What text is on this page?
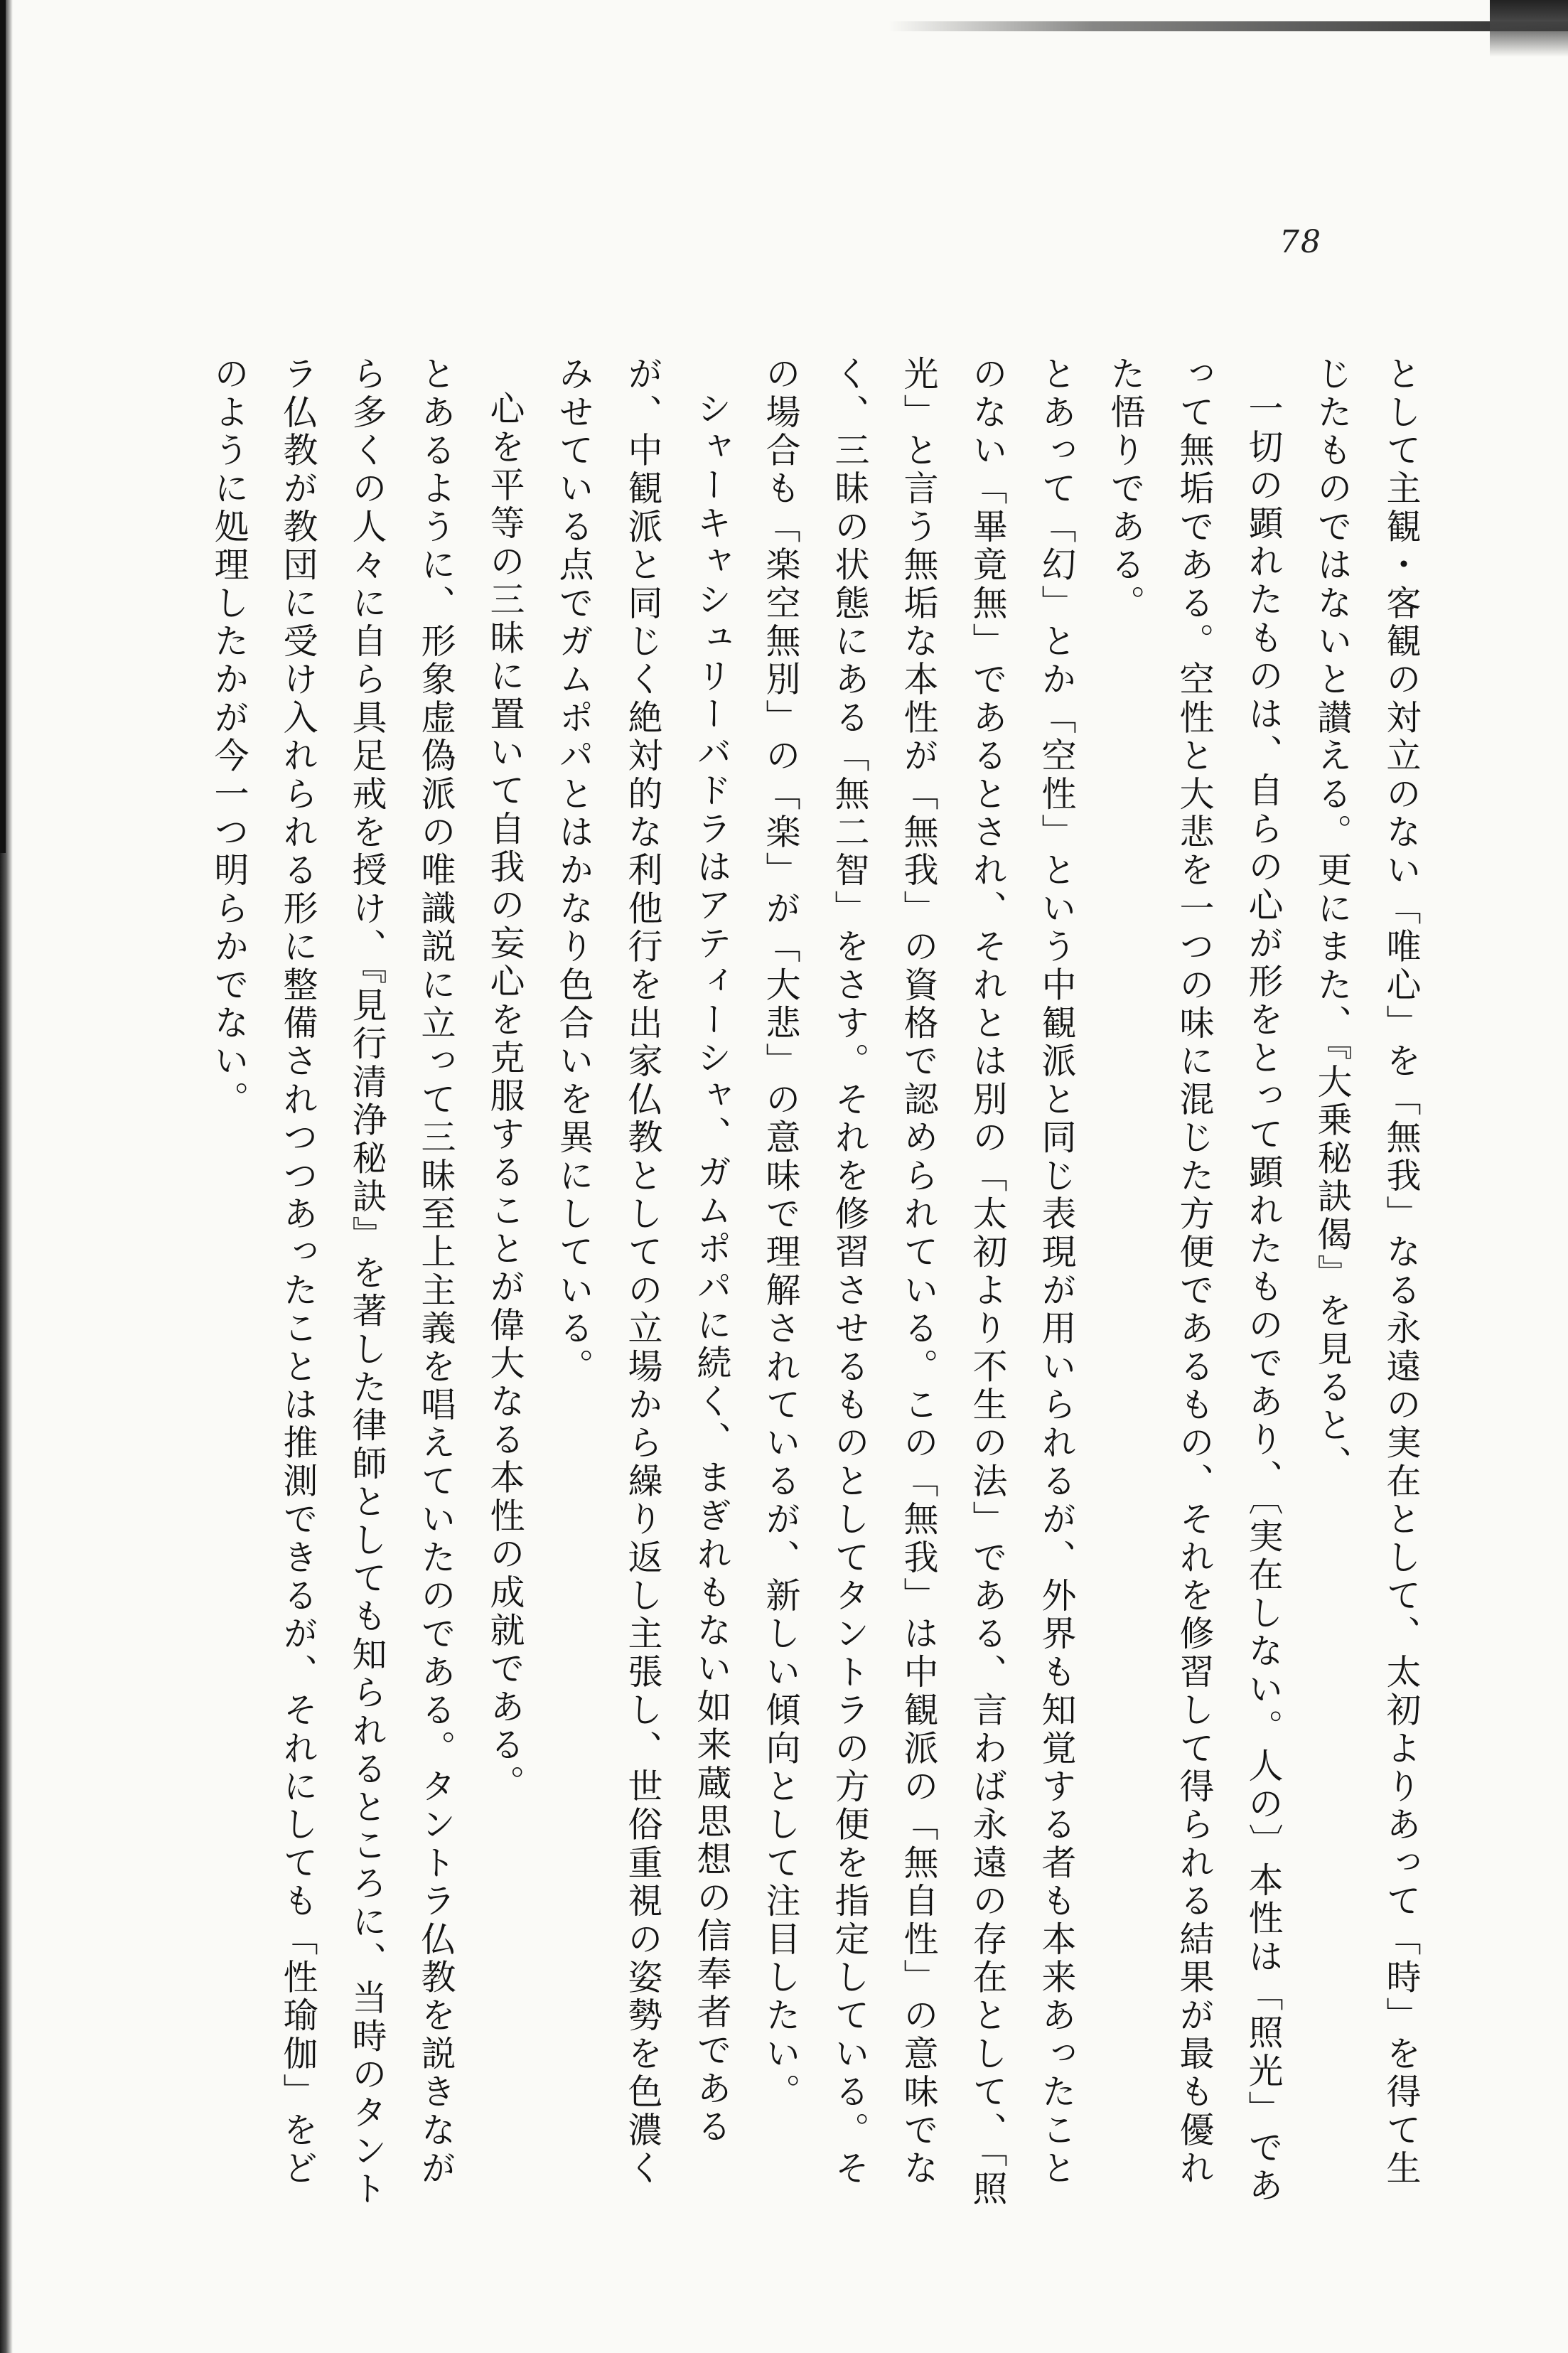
78

として主観・客観の対立のない「唯心」を「無我」なる永遠の実在として、太初よりあって「時」を得て生じたものではないと讃える。更にまた、『大乗秘訣偈』を見ると、

一切の顕れたものは、自らの心が形をとって顕れたものであり、〔実在しない。人の〕本性は「照光」であって無垢である。空性と大悲を一つの味に混じた方便であるもの、それを修習して得られる結果が最も優れた悟りである。

とあって「幻」とか「空性」という中観派と同じ表現が用いられるが、外界も知覚する者も本来あったことのない「畢竟無」であるとされ、それとは別の「太初より不生の法」である、言わば永遠の存在として、「照光」と言う無垢な本性が「無我」の資格で認められている。この「無我」は中観派の「無自性」の意味でなく、三昧の状態にある「無二智」をさす。それを修習させるものとしてタントラの方便を指定している。その場合も「楽空無別」の「楽」が「大悲」の意味で理解されているが、新しい傾向として注目したい。

シャーキャシュリーバドラはアティーシャ、ガムポパに続く、まぎれもない如来蔵思想の信奉者であるが、中観派と同じく絶対的な利他行を出家仏教としての立場から繰り返し主張し、世俗重視の姿勢を色濃くみせている点でガムポパとはかなり色合いを異にしている。

心を平等の三昧に置いて自我の妄心を克服することが偉大なる本性の成就である。

とあるように、形象虚偽派の唯識説に立って三昧至上主義を唱えていたのである。タントラ仏教を説きながら多くの人々に自ら具足戒を授け、『見行清浄秘訣』を著した律師としても知られるところに、当時のタントラ仏教が教団に受け入れられる形に整備されつつあったことは推測できるが、それにしても「性瑜伽」をどのように処理したかが今一つ明らかでない。
